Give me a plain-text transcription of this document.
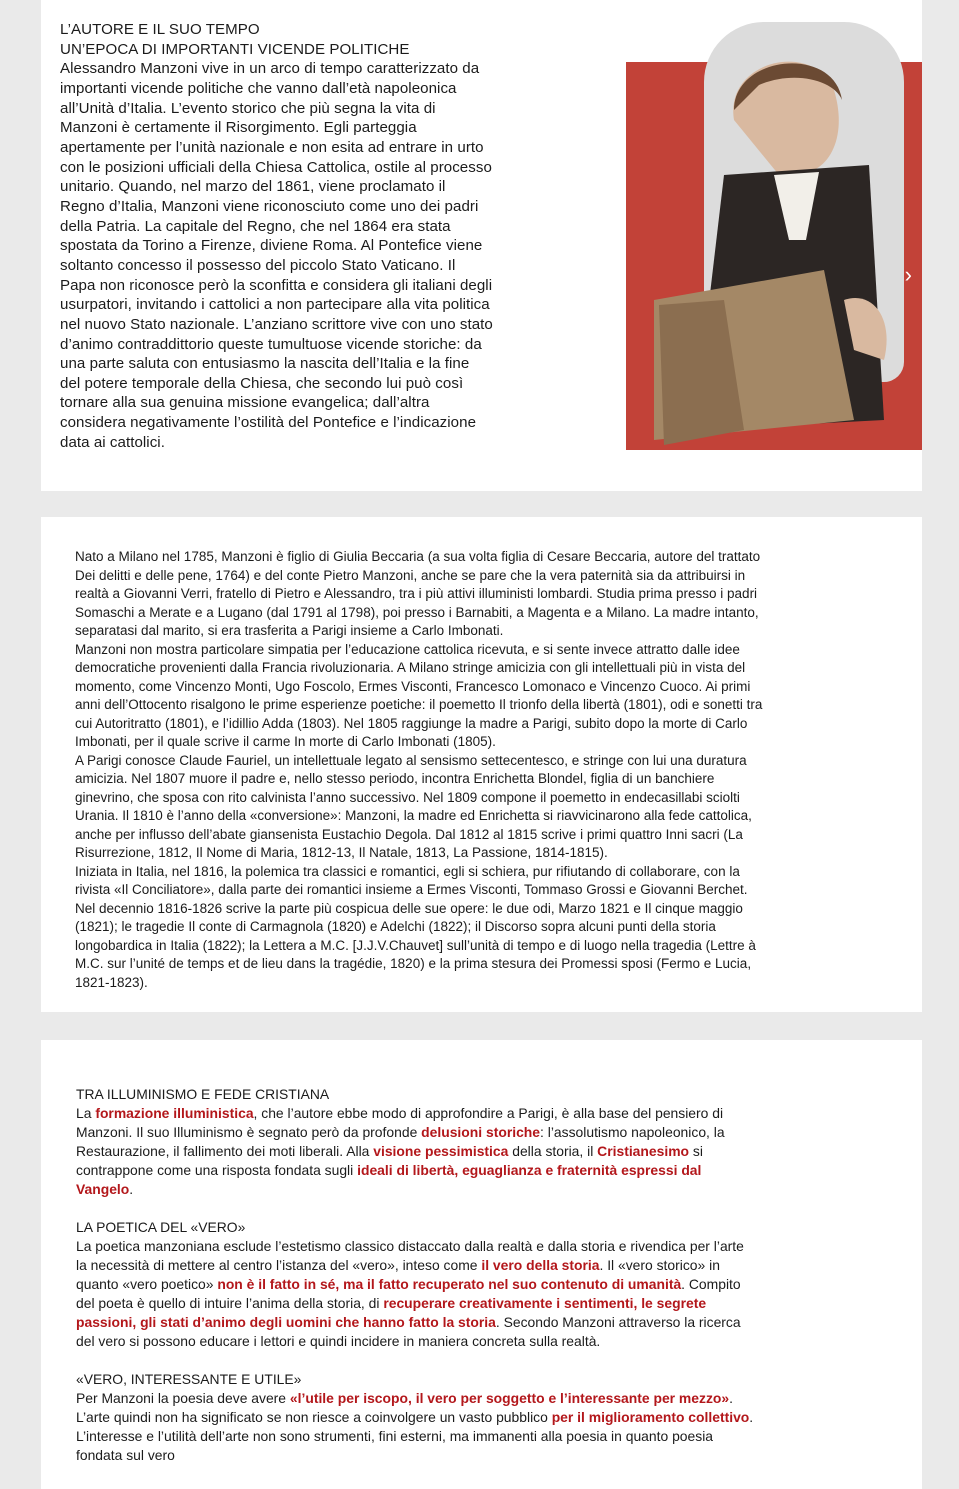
›
L’AUTORE E IL SUO TEMPO
UN’EPOCA DI IMPORTANTI VICENDE POLITICHE
Alessandro Manzoni vive in un arco di tempo caratterizzato da
importanti vicende politiche che vanno dall’età napoleonica
all’Unità d’Italia. L’evento storico che più segna la vita di
Manzoni è certamente il Risorgimento. Egli parteggia
apertamente per l’unità nazionale e non esita ad entrare in urto
con le posizioni ufficiali della Chiesa Cattolica, ostile al processo
unitario. Quando, nel marzo del 1861, viene proclamato il
Regno d’Italia, Manzoni viene riconosciuto come uno dei padri
della Patria. La capitale del Regno, che nel 1864 era stata
spostata da Torino a Firenze, diviene Roma. Al Pontefice viene
soltanto concesso il possesso del piccolo Stato Vaticano. Il
Papa non riconosce però la sconfitta e considera gli italiani degli
usurpatori, invitando i cattolici a non partecipare alla vita politica
nel nuovo Stato nazionale. L’anziano scrittore vive con uno stato
d’animo contraddittorio queste tumultuose vicende storiche: da
una parte saluta con entusiasmo la nascita dell’Italia e la fine
del potere temporale della Chiesa, che secondo lui può così
tornare alla sua genuina missione evangelica; dall’altra
considera negativamente l’ostilità del Pontefice e l’indicazione
data ai cattolici.
Nato a Milano nel 1785, Manzoni è figlio di Giulia Beccaria (a sua volta figlia di Cesare Beccaria, autore del trattato
Dei delitti e delle pene, 1764) e del conte Pietro Manzoni, anche se pare che la vera paternità sia da attribuirsi in
realtà a Giovanni Verri, fratello di Pietro e Alessandro, tra i più attivi illuministi lombardi. Studia prima presso i padri
Somaschi a Merate e a Lugano (dal 1791 al 1798), poi presso i Barnabiti, a Magenta e a Milano. La madre intanto,
separatasi dal marito, si era trasferita a Parigi insieme a Carlo Imbonati.
Manzoni non mostra particolare simpatia per l’educazione cattolica ricevuta, e si sente invece attratto dalle idee
democratiche provenienti dalla Francia rivoluzionaria. A Milano stringe amicizia con gli intellettuali più in vista del
momento, come Vincenzo Monti, Ugo Foscolo, Ermes Visconti, Francesco Lomonaco e Vincenzo Cuoco. Ai primi
anni dell’Ottocento risalgono le prime esperienze poetiche: il poemetto Il trionfo della libertà (1801), odi e sonetti tra
cui Autoritratto (1801), e l’idillio Adda (1803). Nel 1805 raggiunge la madre a Parigi, subito dopo la morte di Carlo
Imbonati, per il quale scrive il carme In morte di Carlo Imbonati (1805).
A Parigi conosce Claude Fauriel, un intellettuale legato al sensismo settecentesco, e stringe con lui una duratura
amicizia. Nel 1807 muore il padre e, nello stesso periodo, incontra Enrichetta Blondel, figlia di un banchiere
ginevrino, che sposa con rito calvinista l’anno successivo. Nel 1809 compone il poemetto in endecasillabi sciolti
Urania. Il 1810 è l’anno della «conversione»: Manzoni, la madre ed Enrichetta si riavvicinarono alla fede cattolica,
anche per influsso dell’abate giansenista Eustachio Degola. Dal 1812 al 1815 scrive i primi quattro Inni sacri (La
Risurrezione, 1812, Il Nome di Maria, 1812-13, Il Natale, 1813, La Passione, 1814-1815).
Iniziata in Italia, nel 1816, la polemica tra classici e romantici, egli si schiera, pur rifiutando di collaborare, con la
rivista «Il Conciliatore», dalla parte dei romantici insieme a Ermes Visconti, Tommaso Grossi e Giovanni Berchet.
Nel decennio 1816-1826 scrive la parte più cospicua delle sue opere: le due odi, Marzo 1821 e Il cinque maggio
(1821); le tragedie Il conte di Carmagnola (1820) e Adelchi (1822); il Discorso sopra alcuni punti della storia
longobardica in Italia (1822); la Lettera a M.C. [J.J.V.Chauvet] sull’unità di tempo e di luogo nella tragedia (Lettre à
M.C. sur l’unité de temps et de lieu dans la tragédie, 1820) e la prima stesura dei Promessi sposi (Fermo e Lucia,
1821-1823).
TRA ILLUMINISMO E FEDE CRISTIANA
La formazione illuministica, che l’autore ebbe modo di approfondire a Parigi, è alla base del pensiero di
Manzoni. Il suo Illuminismo è segnato però da profonde delusioni storiche: l’assolutismo napoleonico, la
Restaurazione, il fallimento dei moti liberali. Alla visione pessimistica della storia, il Cristianesimo si
contrappone come una risposta fondata sugli ideali di libertà, eguaglianza e fraternità espressi dal
Vangelo.
LA POETICA DEL «VERO»
La poetica manzoniana esclude l’estetismo classico distaccato dalla realtà e dalla storia e rivendica per l’arte
la necessità di mettere al centro l’istanza del «vero», inteso come il vero della storia. Il «vero storico» in
quanto «vero poetico» non è il fatto in sé, ma il fatto recuperato nel suo contenuto di umanità. Compito
del poeta è quello di intuire l’anima della storia, di recuperare creativamente i sentimenti, le segrete
passioni, gli stati d’animo degli uomini che hanno fatto la storia. Secondo Manzoni attraverso la ricerca
del vero si possono educare i lettori e quindi incidere in maniera concreta sulla realtà.
«VERO, INTERESSANTE E UTILE»
Per Manzoni la poesia deve avere «l’utile per iscopo, il vero per soggetto e l’interessante per mezzo».
L’arte quindi non ha significato se non riesce a coinvolgere un vasto pubblico per il miglioramento collettivo.
L’interesse e l’utilità dell’arte non sono strumenti, fini esterni, ma immanenti alla poesia in quanto poesia
fondata sul vero
